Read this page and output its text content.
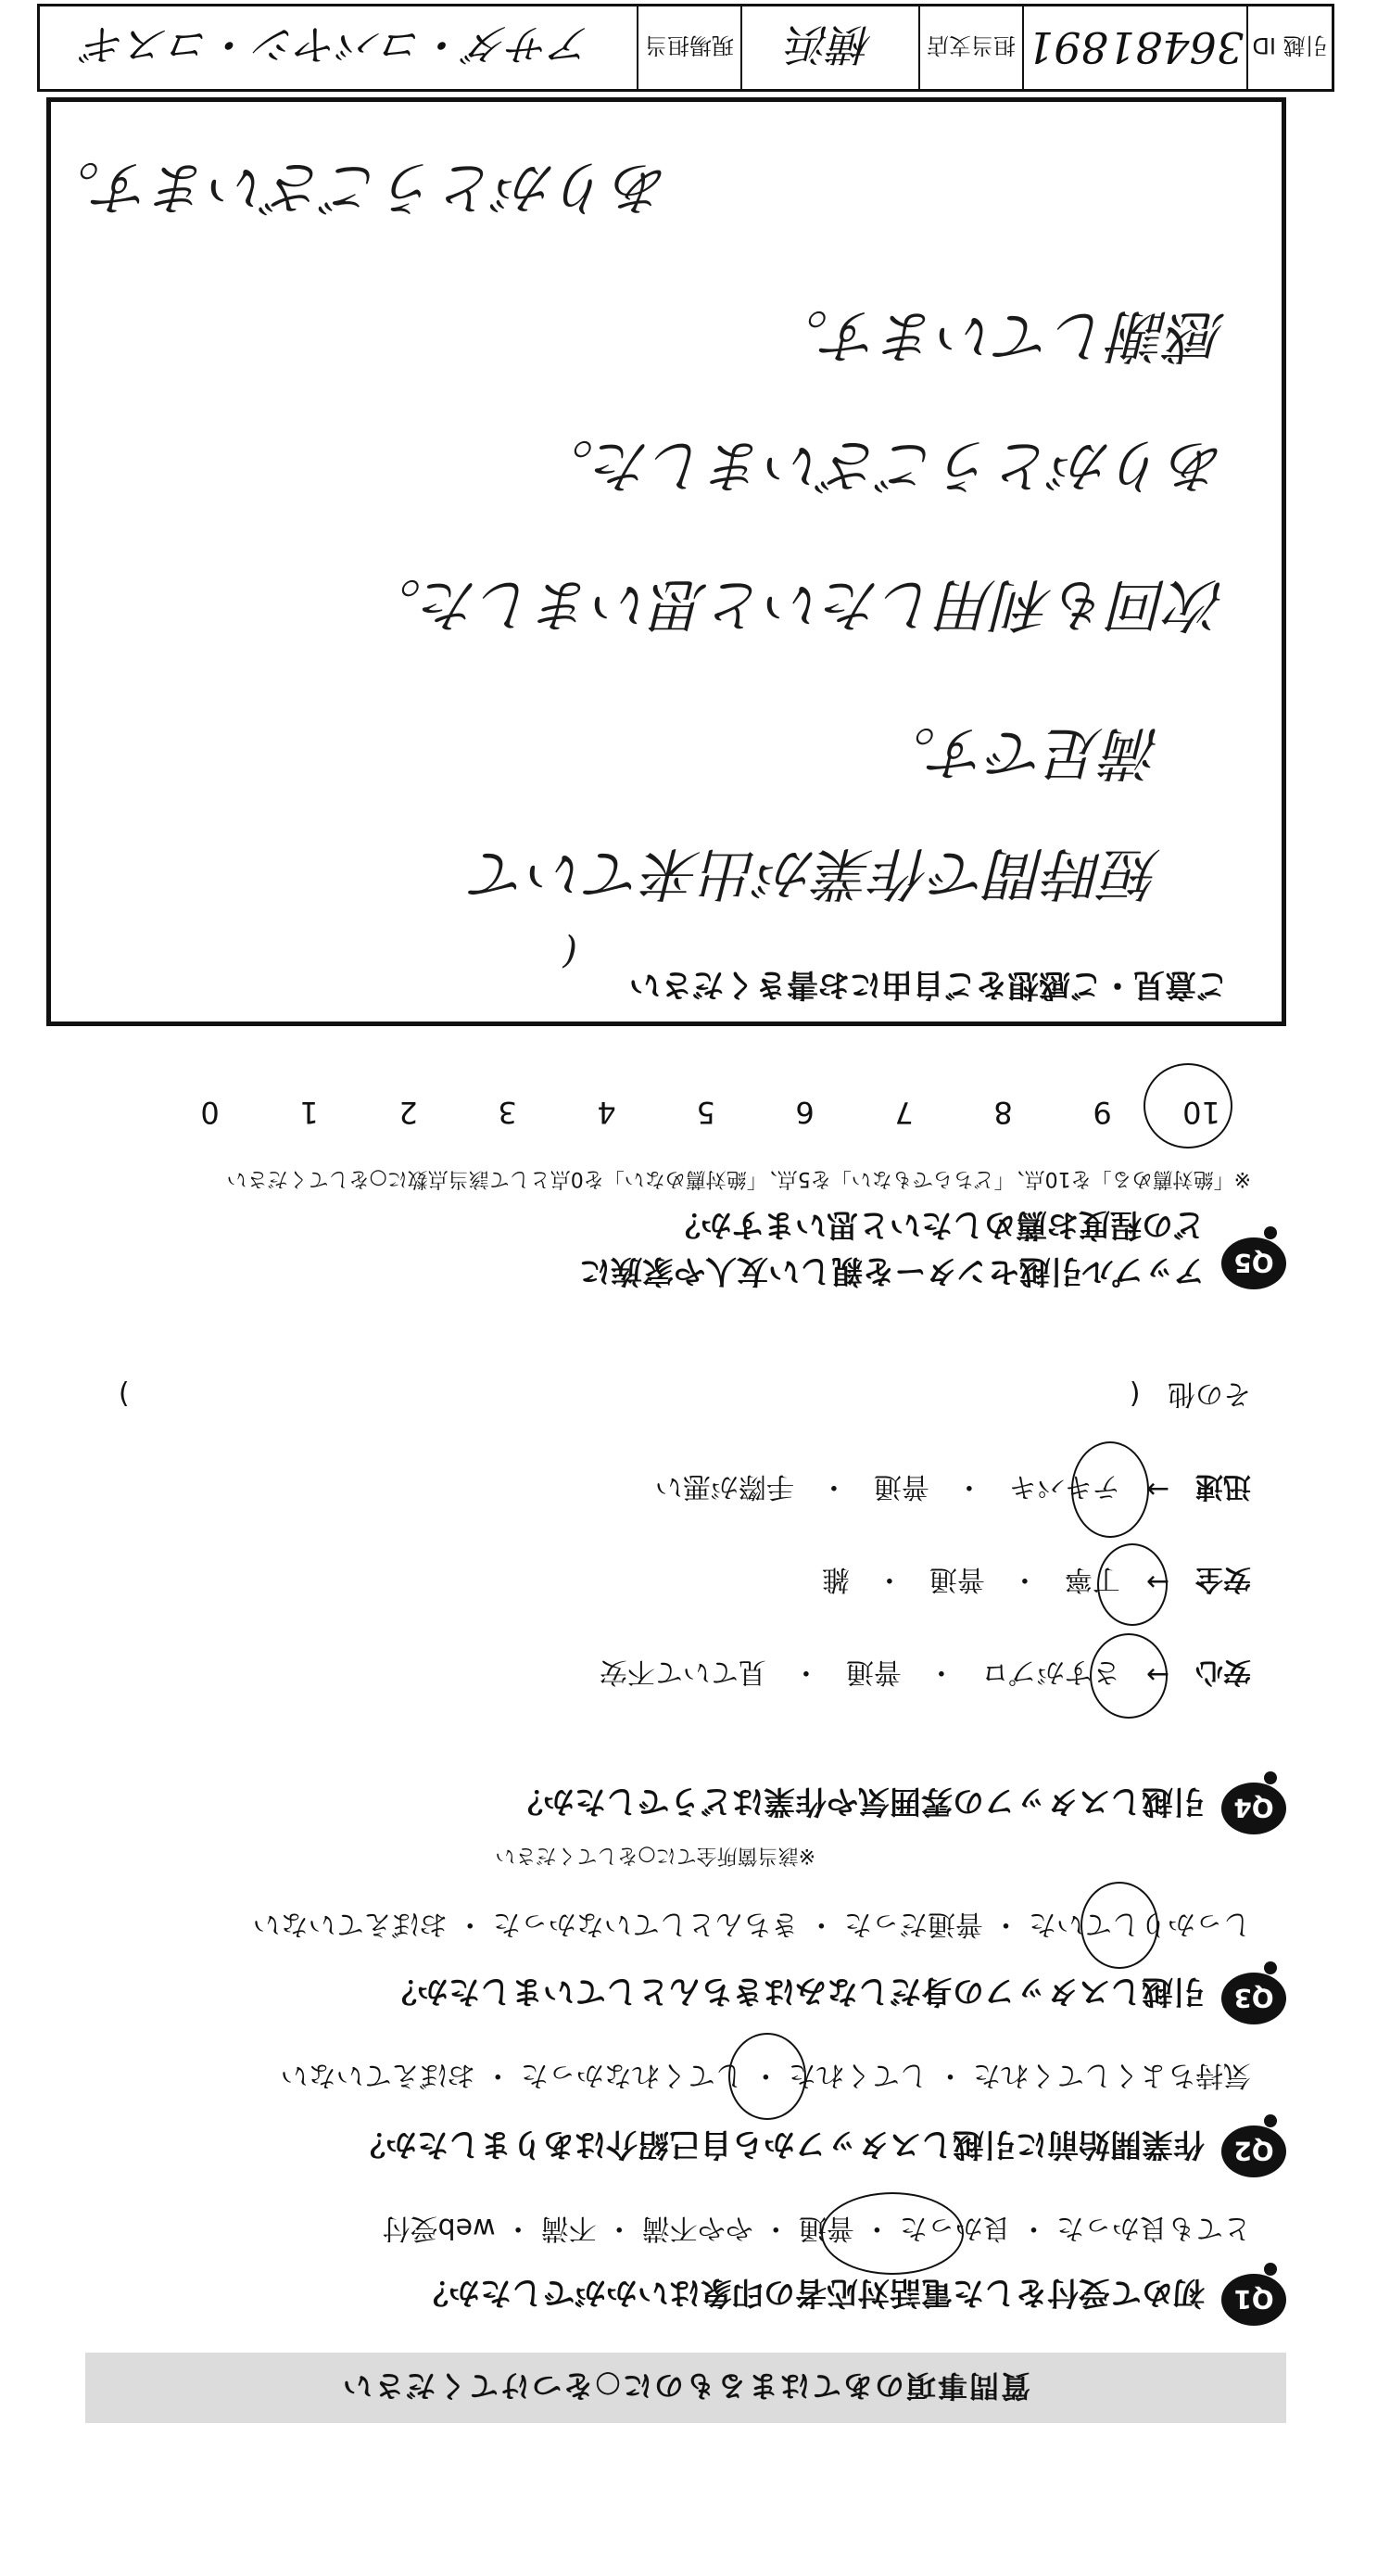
質問事項のあてはまるものに○をつけてください
Q1
初めて受付をした電話対応者の印象はいかがでしたか？
とても良かった ・ 良かった ・ 普通 ・ やや不満 ・ 不満 ・ web受付
Q2
作業開始前に引越しスタッフから自己紹介はありましたか？
気持ちよくしてくれた ・ してくれた ・ してくれなかった ・ おぼえていない
Q3
引越しスタッフの身だしなみはきちんとしていましたか？
しっかりしていた ・ 普通だった ・ きちんとしていなかった ・ おぼえていない
Q4
引越しスタッフの雰囲気や作業はどうでしたか？
※該当箇所全てに○をしてください
安心
→
さすがプロ
・
普通
・
見ていて不安
安全
→
丁寧
・
普通
・
雑
迅速
→
テキパキ
・
普通
・
手際が悪い
その他 (  )
Q5
アップル引越センターを親しい友人や家族に
どの程度お薦めしたいと思いますか？
※「絶対薦める」を10点、「どちらでもない」を5点、「絶対薦めない」を0点として該当点数に○をしてください
10
9
8
7
6
5
4
3
2
1
0
ご意見・ご感想をご自由にお書きください
(
短時間で作業が出来ていて
満足です。
次回も利用したいと思いました。
ありがとうございました。
感謝しています。
ありがとうございます。
引越 ID
36481891
担当支店
横浜
現場担当
アサダ・コバヤシ・コスギ
